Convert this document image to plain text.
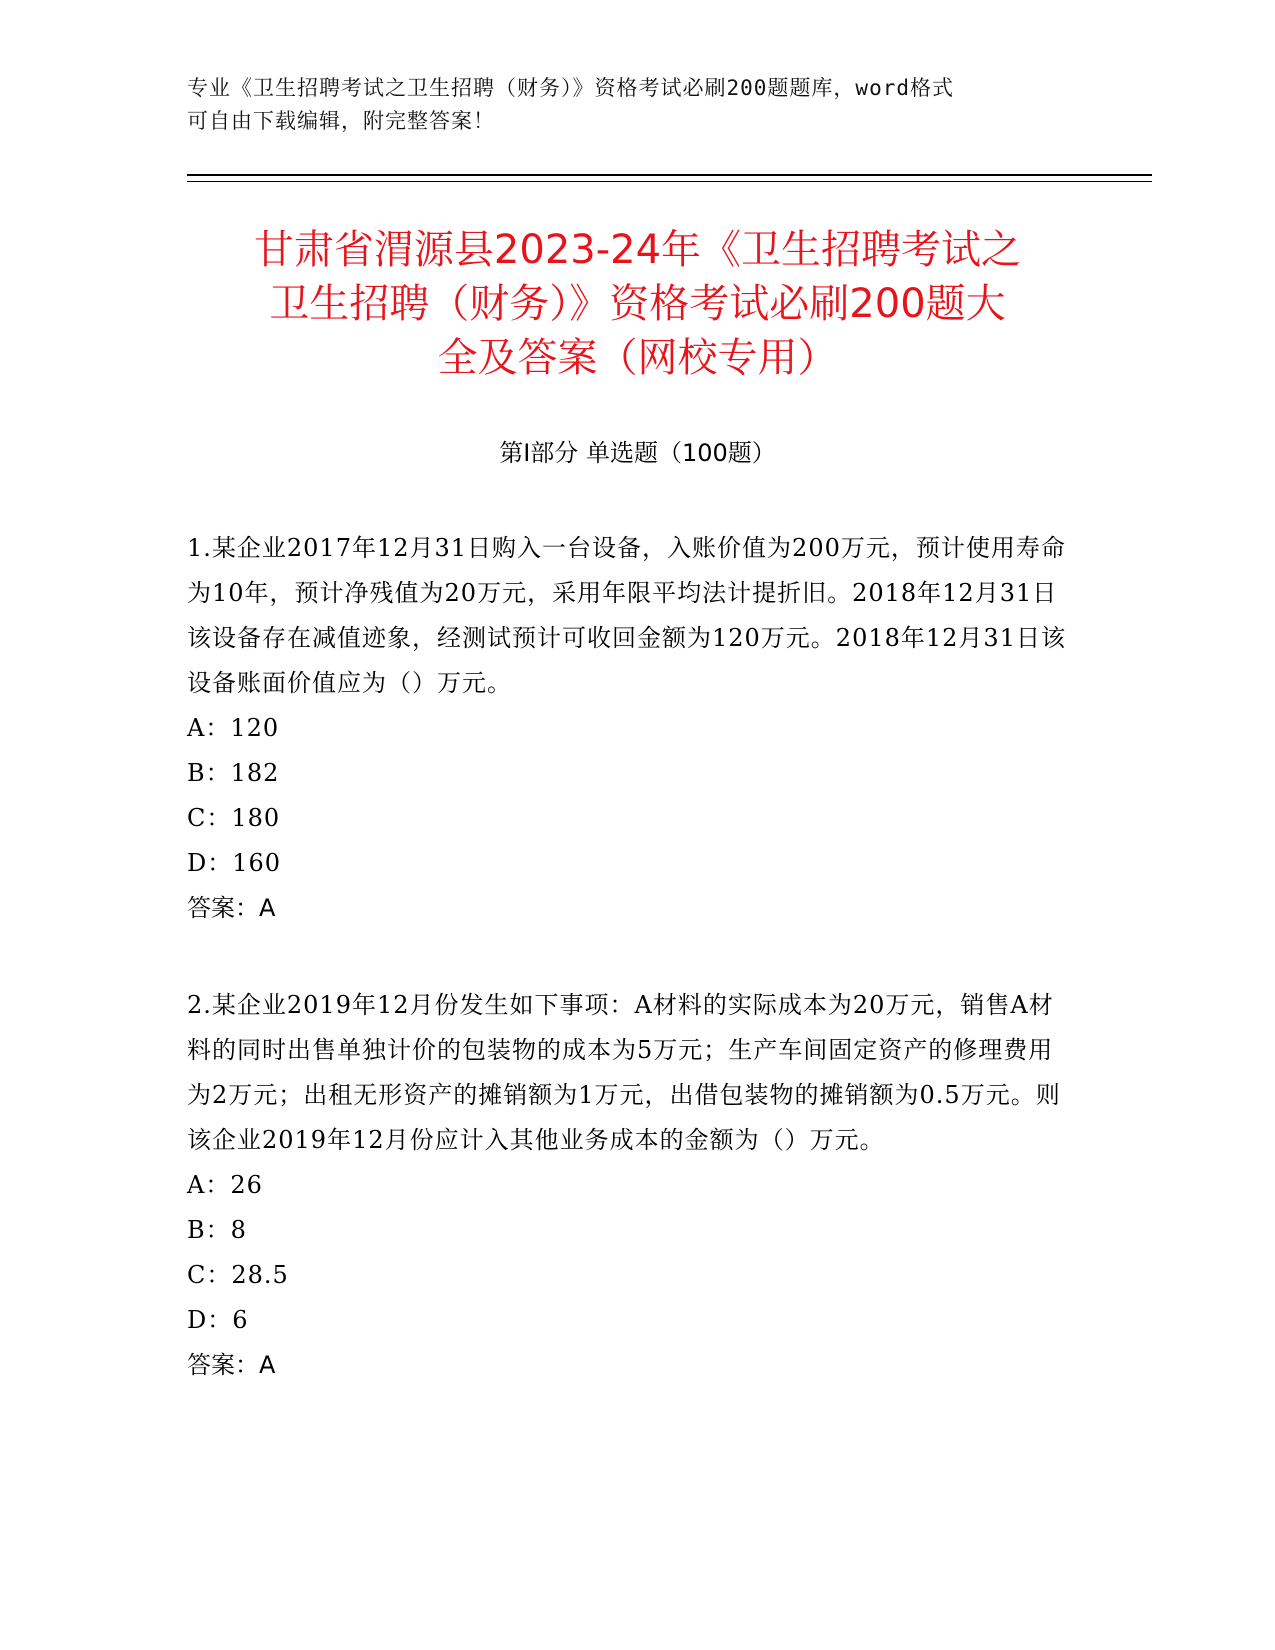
专业《卫生招聘考试之卫生招聘（财务）》资格考试必刷200题题库，word格式
可自由下载编辑，附完整答案！
甘肃省渭源县2023-24年《卫生招聘考试之
卫生招聘（财务）》资格考试必刷200题大
全及答案（网校专用）
第Ⅰ部分 单选题（100题）

1.某企业2017年12月31日购入一台设备，入账价值为200万元，预计使用寿命为10年，预计净残值为20万元，采用年限平均法计提折旧。2018年12月31日该设备存在减值迹象，经测试预计可收回金额为120万元。2018年12月31日该设备账面价值应为（）万元。

A：120

B：182

C：180

D：160

答案：A

2.某企业2019年12月份发生如下事项：A材料的实际成本为20万元，销售A材料的同时出售单独计价的包装物的成本为5万元；生产车间固定资产的修理费用为2万元；出租无形资产的摊销额为1万元，出借包装物的摊销额为0.5万元。则该企业2019年12月份应计入其他业务成本的金额为（）万元。

A：26

B：8

C：28.5

D：6

答案：A
